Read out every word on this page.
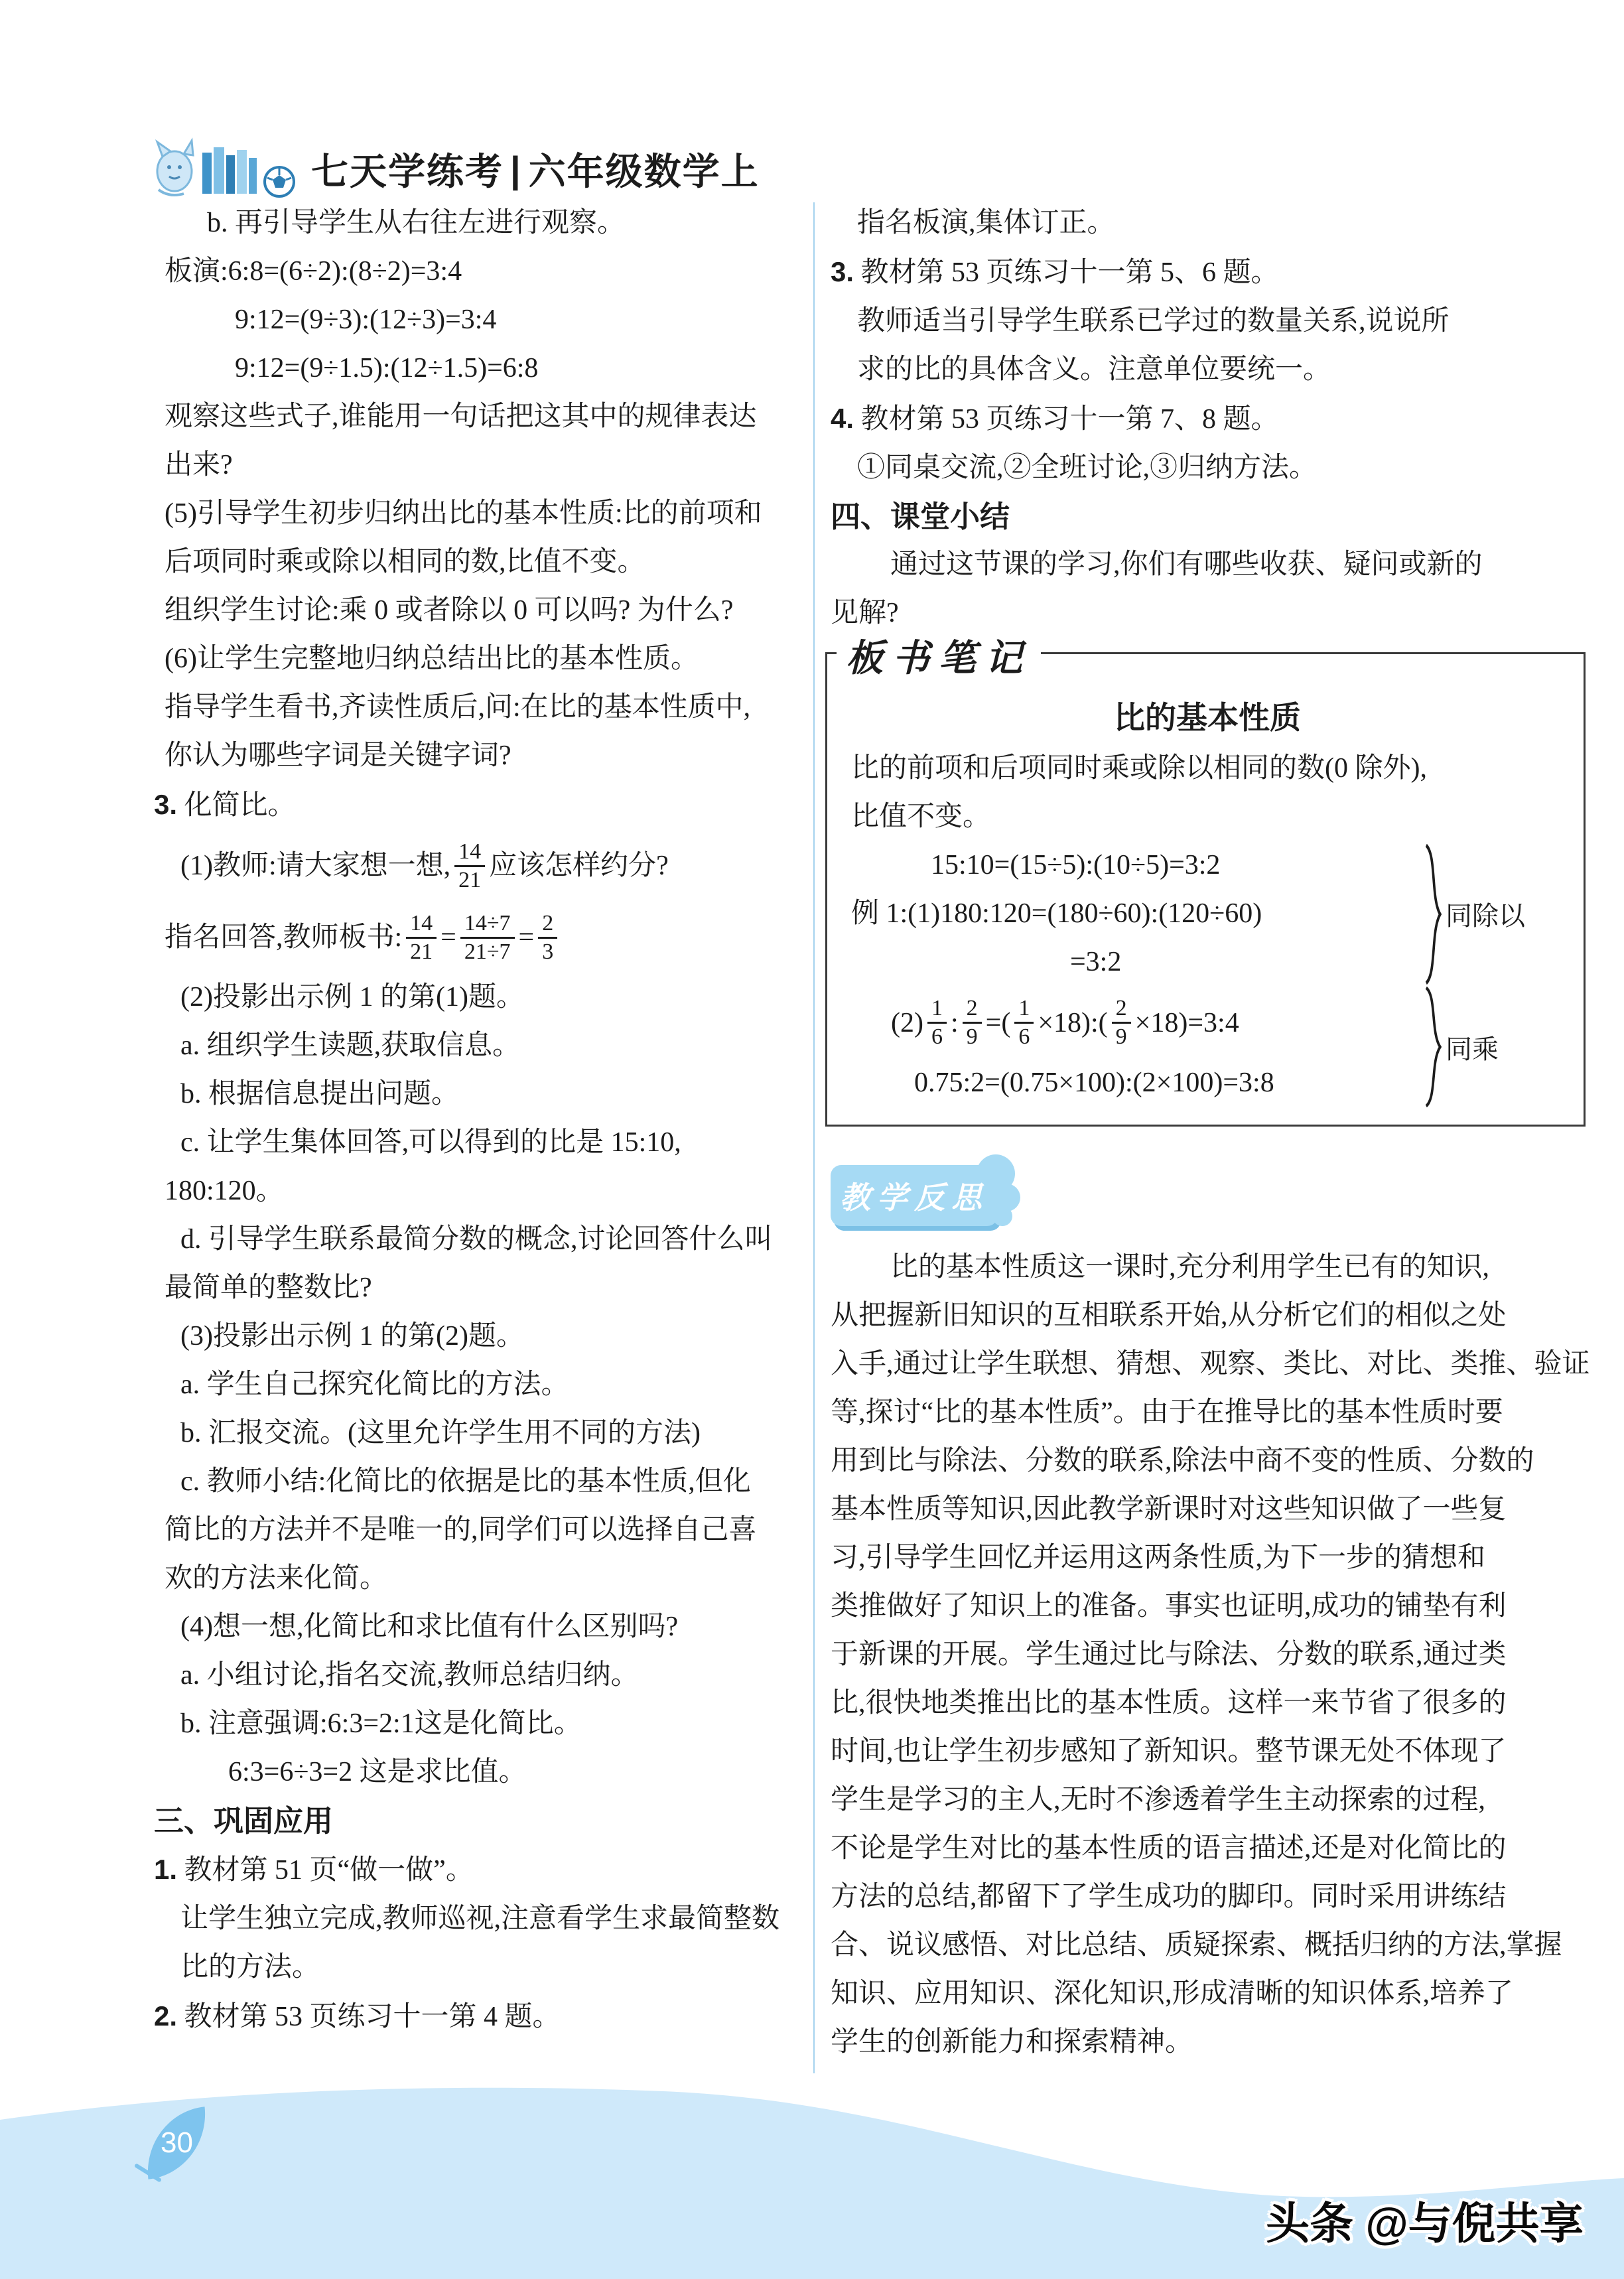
七天学练考 | 六年级数学上
b. 再引导学生从右往左进行观察。
板演:6:8=(6÷2):(8÷2)=3:4
9:12=(9÷3):(12÷3)=3:4
9:12=(9÷1.5):(12÷1.5)=6:8
观察这些式子,谁能用一句话把这其中的规律表达
出来?
(5)引导学生初步归纳出比的基本性质:比的前项和
后项同时乘或除以相同的数,比值不变。
组织学生讨论:乘 0 或者除以 0 可以吗? 为什么?
(6)让学生完整地归纳总结出比的基本性质。
指导学生看书,齐读性质后,问:在比的基本性质中,
你认为哪些字词是关键字词?
3. 化简比。
(1)教师:请大家想一想, $\frac{14}{21}$ 应该怎样约分?
指名回答,教师板书: $\frac{14}{21} = \frac{14\div 7}{21\div 7} = \frac{2}{3}$
(2)投影出示例 1 的第(1)题。
a. 组织学生读题,获取信息。
b. 根据信息提出问题。
c. 让学生集体回答,可以得到的比是 15:10,
180:120。
d. 引导学生联系最简分数的概念,讨论回答什么叫
最简单的整数比?
(3)投影出示例 1 的第(2)题。
a. 学生自己探究化简比的方法。
b. 汇报交流。(这里允许学生用不同的方法)
c. 教师小结:化简比的依据是比的基本性质,但化
简比的方法并不是唯一的,同学们可以选择自己喜
欢的方法来化简。
(4)想一想,化简比和求比值有什么区别吗?
a. 小组讨论,指名交流,教师总结归纳。
b. 注意强调:6:3=2:1这是化简比。
6:3=6÷3=2 这是求比值。
三、巩固应用
1. 教材第 51 页“做一做”。
让学生独立完成,教师巡视,注意看学生求最简整数
比的方法。
2. 教材第 53 页练习十一第 4 题。
指名板演,集体订正。
3. 教材第 53 页练习十一第 5、6 题。
教师适当引导学生联系已学过的数量关系,说说所
求的比的具体含义。注意单位要统一。
4. 教材第 53 页练习十一第 7、8 题。
①同桌交流,②全班讨论,③归纳方法。
四、课堂小结
通过这节课的学习,你们有哪些收获、疑问或新的
见解?
板书笔记
比的基本性质
比的前项和后项同时乘或除以相同的数(0 除外),
比值不变。
15:10=(15÷5):(10÷5)=3:2
例 1:(1)180:120=(180÷60):(120÷60)
=3:2
同除以
$(2) \frac{1}{6}$ : $\frac{2}{9}$ =( $\frac{1}{6}$ ×18):( $\frac{2}{9}$ ×18)=3:4
0.75:2=(0.75×100):(2×100)=3:8
同乘
教学反思
比的基本性质这一课时,充分利用学生已有的知识,
从把握新旧知识的互相联系开始,从分析它们的相似之处
入手,通过让学生联想、猜想、观察、类比、对比、类推、验证
等,探讨“比的基本性质”。由于在推导比的基本性质时要
用到比与除法、分数的联系,除法中商不变的性质、分数的
基本性质等知识,因此教学新课时对这些知识做了一些复
习,引导学生回忆并运用这两条性质,为下一步的猜想和
类推做好了知识上的准备。事实也证明,成功的铺垫有利
于新课的开展。学生通过比与除法、分数的联系,通过类
比,很快地类推出比的基本性质。这样一来节省了很多的
时间,也让学生初步感知了新知识。整节课无处不体现了
学生是学习的主人,无时不渗透着学生主动探索的过程,
不论是学生对比的基本性质的语言描述,还是对化简比的
方法的总结,都留下了学生成功的脚印。同时采用讲练结
合、说议感悟、对比总结、质疑探索、概括归纳的方法,掌握
知识、应用知识、深化知识,形成清晰的知识体系,培养了
学生的创新能力和探索精神。
30
头条 @与倪共享
